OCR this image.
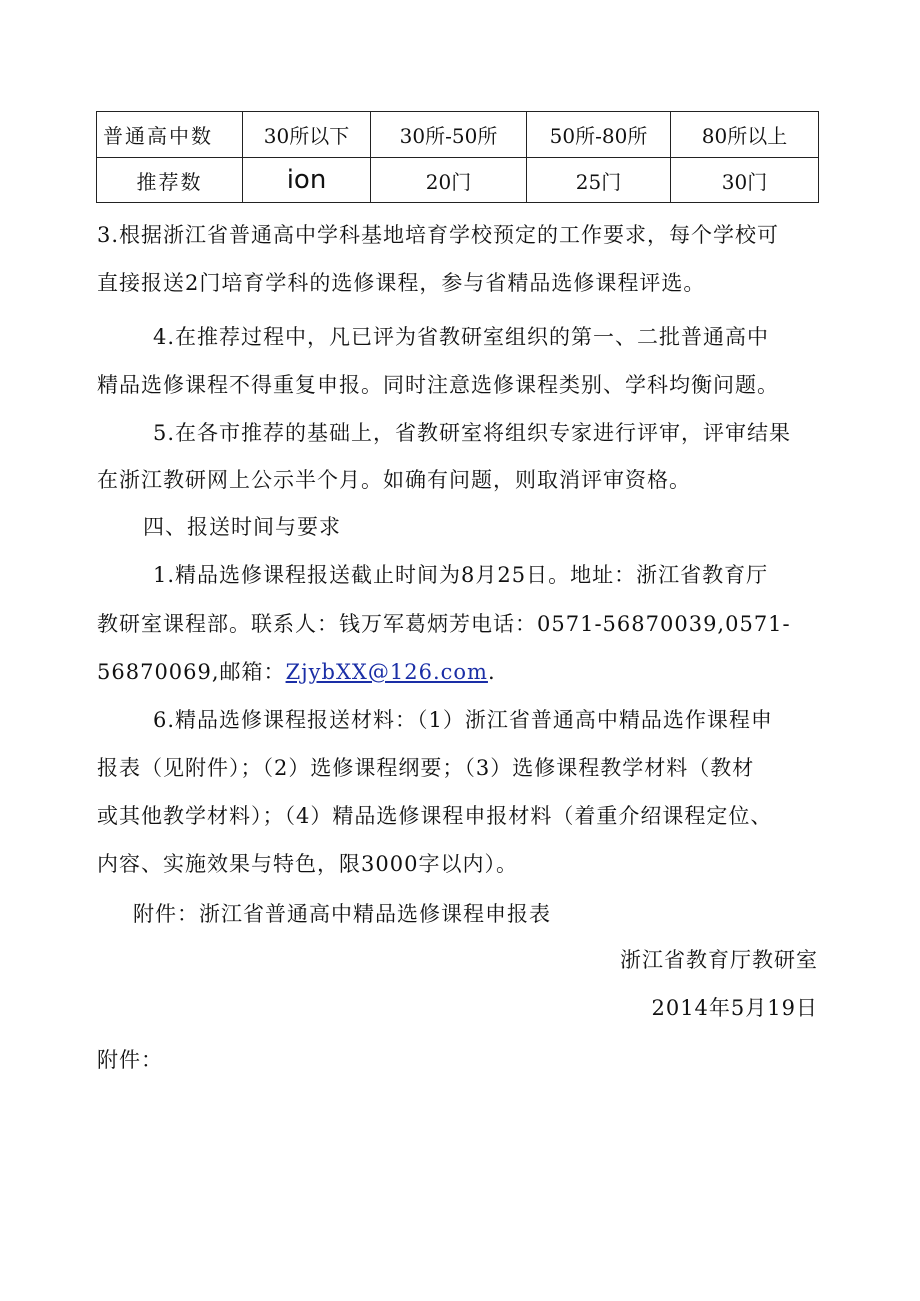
普通高中数	30所以下	30所-50所	50所-80所	80所以上
推荐数	ion	20门	25门	30门
3.根据浙江省普通高中学科基地培育学校预定的工作要求，每个学校可
直接报送2门培育学科的选修课程，参与省精品选修课程评选。
4.在推荐过程中，凡已评为省教研室组织的第一、二批普通高中
精品选修课程不得重复申报。同时注意选修课程类别、学科均衡问题。
5.在各市推荐的基础上，省教研室将组织专家进行评审，评审结果
在浙江教研网上公示半个月。如确有问题，则取消评审资格。
四、报送时间与要求
1.精品选修课程报送截止时间为8月25日。地址：浙江省教育厅
教研室课程部。联系人：钱万军葛炳芳电话：0571-56870039,0571-
56870069,邮箱：ZjybXX@126.com.
6.精品选修课程报送材料：（1）浙江省普通高中精品选作课程申
报表（见附件）；（2）选修课程纲要；（3）选修课程教学材料（教材
或其他教学材料）；（4）精品选修课程申报材料（着重介绍课程定位、
内容、实施效果与特色，限3000字以内）。
附件：浙江省普通高中精品选修课程申报表
浙江省教育厅教研室
2014年5月19日
附件：
